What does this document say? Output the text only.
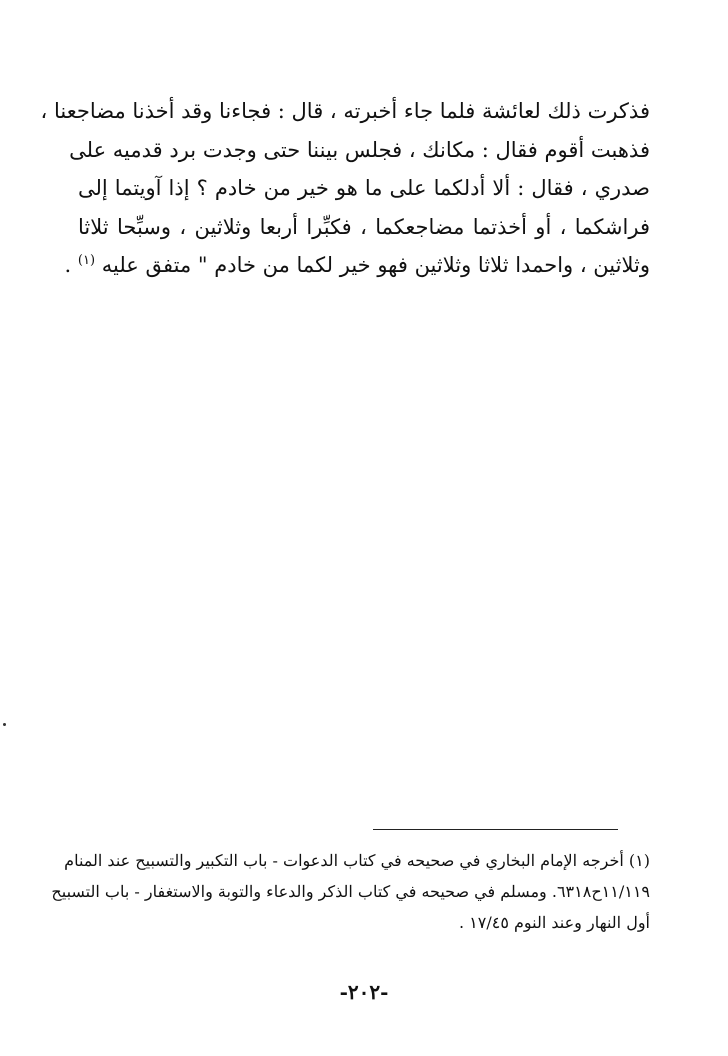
فذكرت ذلك لعائشة فلما جاء أخبرته ، قال : فجاءنا وقد أخذنا مضاجعنا ،
فذهبت أقوم فقال : مكانك ، فجلس بيننا حتى وجدت برد قدميه على
صدري ، فقال : ألا أدلكما على ما هو خير من خادم ؟ إذا آويتما إلى
فراشكما ، أو أخذتما مضاجعكما ، فكبِّرا أربعا وثلاثين ، وسبِّحا ثلاثا
وثلاثين ، واحمدا ثلاثا وثلاثين فهو خير لكما من خادم " متفق عليه $^{(١)}$ .
(١) أخرجه الإمام البخاري في صحيحه في كتاب الدعوات - باب التكبير والتسبيح عند المنام
١١/١١٩ح٦٣١٨. ومسلم في صحيحه في كتاب الذكر والدعاء والتوبة والاستغفار - باب التسبيح
أول النهار وعند النوم ١٧/٤٥ .
-٢٠٢-
